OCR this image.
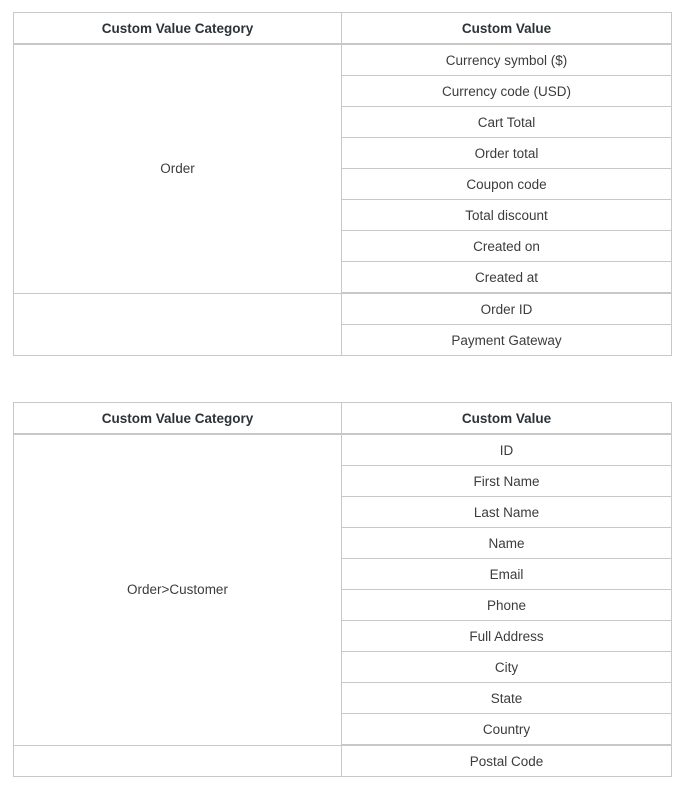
Custom Value Category	Custom Value
Order	Currency symbol ($)
	Currency code (USD)
	Cart Total
	Order total
	Coupon code
	Total discount
	Created on
	Created at
	Order ID
	Payment Gateway
Custom Value Category	Custom Value
Order>Customer	ID
	First Name
	Last Name
	Name
	Email
	Phone
	Full Address
	City
	State
	Country
	Postal Code
